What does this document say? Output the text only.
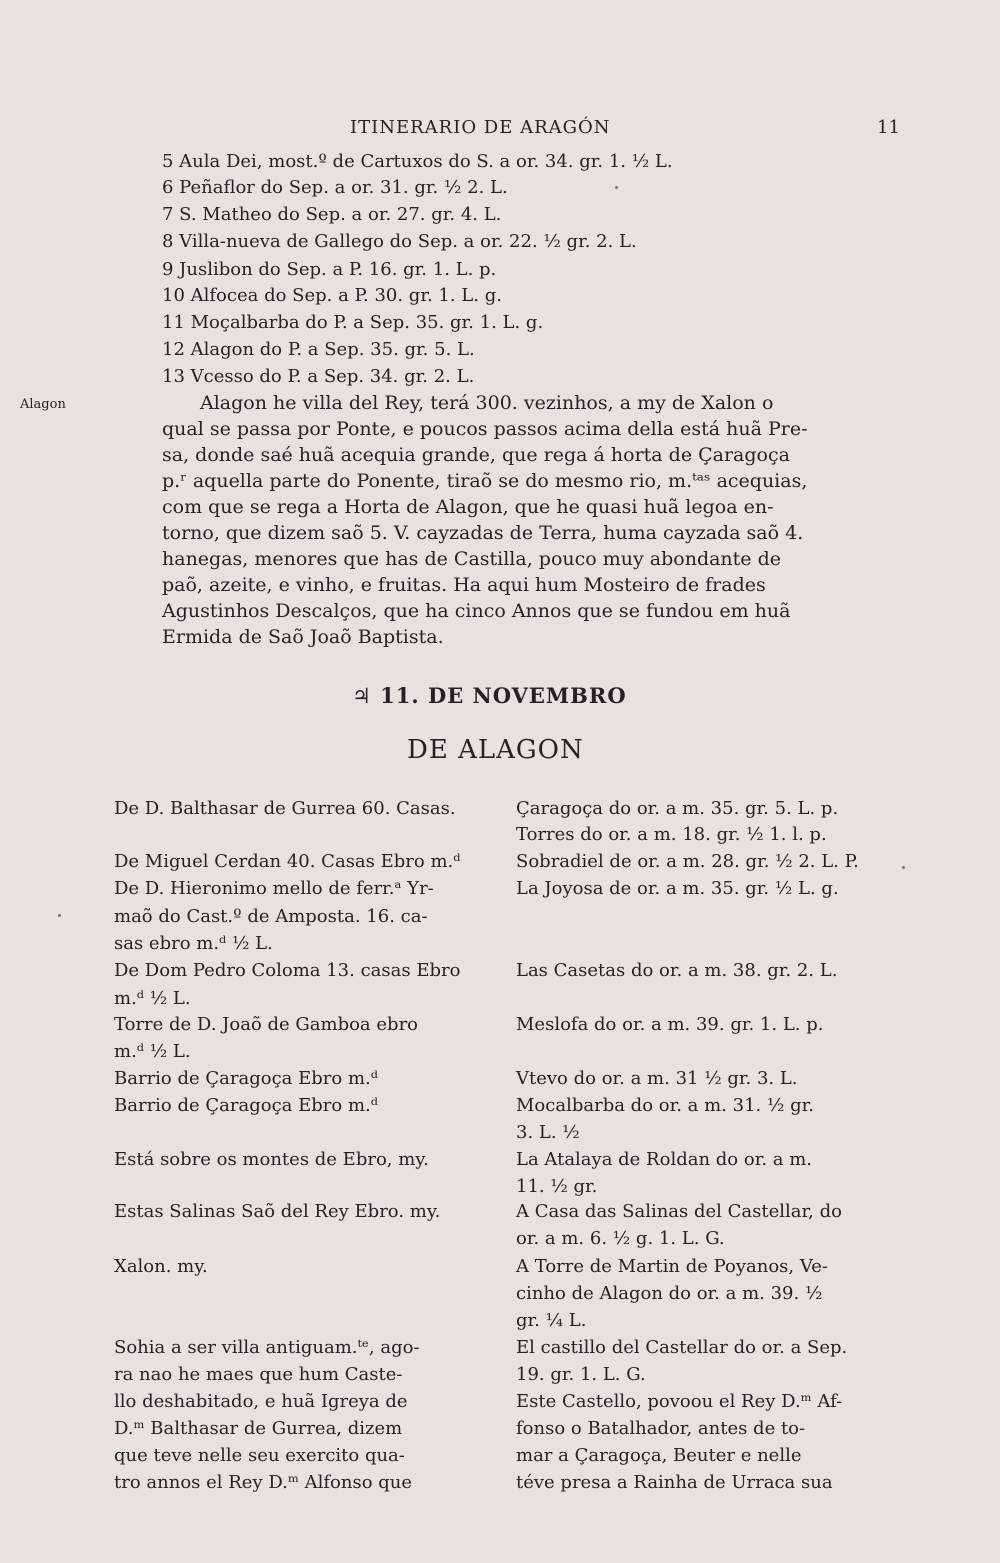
ITINERARIO DE ARAGÓN	11
Alagon
5 Aula Dei, most.º de Cartuxos do S. a or. 34. gr. 1. ½ L.
6 Peñaflor do Sep. a or. 31. gr. ½ 2. L.
7 S. Matheo do Sep. a or. 27. gr. 4. L.
8 Villa-nueva de Gallego do Sep. a or. 22. ½ gr. 2. L.
9 Juslibon do Sep. a P. 16. gr. 1. L. p.
10 Alfocea do Sep. a P. 30. gr. 1. L. g.
11 Moçalbarba do P. a Sep. 35. gr. 1. L. g.
12 Alagon do P. a Sep. 35. gr. 5. L.
13 Vcesso do P. a Sep. 34. gr. 2. L.
Alagon he villa del Rey, terá 300. vezinhos, a my de Xalon o
qual se passa por Ponte, e poucos passos acima della está huã Pre-
sa, donde saé huã acequia grande, que rega á horta de Çaragoça
p.ʳ aquella parte do Ponente, tiraõ se do mesmo rio, m.ᵗᵃˢ acequias,
com que se rega a Horta de Alagon, que he quasi huã legoa en-
torno, que dizem saõ 5. V. cayzadas de Terra, huma cayzada saõ 4.
hanegas, menores que has de Castilla, pouco muy abondante de
paõ, azeite, e vinho, e fruitas. Ha aqui hum Mosteiro de frades
Agustinhos Descalços, que ha cinco Annos que se fundou em huã
Ermida de Saõ Joaõ Baptista.
♃ 11. DE NOVEMBRO
DE ALAGON
De D. Balthasar de Gurrea 60. Casas.
De Miguel Cerdan 40. Casas Ebro m.ᵈ
De D. Hieronimo mello de ferr.ᵃ Yr-
maõ do Cast.º de Amposta. 16. ca-
sas ebro m.ᵈ ½ L.
De Dom Pedro Coloma 13. casas Ebro
m.ᵈ ½ L.
Torre de D. Joaõ de Gamboa ebro
m.ᵈ ½ L.
Barrio de Çaragoça Ebro m.ᵈ
Barrio de Çaragoça Ebro m.ᵈ
Está sobre os montes de Ebro, my.
Estas Salinas Saõ del Rey Ebro. my.
Xalon. my.
Sohia a ser villa antiguam.ᵗᵉ, ago-
ra nao he maes que hum Caste-
llo deshabitado, e huã Igreya de
D.ᵐ Balthasar de Gurrea, dizem
que teve nelle seu exercito qua-
tro annos el Rey D.ᵐ Alfonso que
Çaragoça do or. a m. 35. gr. 5. L. p.
Torres do or. a m. 18. gr. ½ 1. l. p.
Sobradiel de or. a m. 28. gr. ½ 2. L. P.
La Joyosa de or. a m. 35. gr. ½ L. g.
Las Casetas do or. a m. 38. gr. 2. L.
Meslofa do or. a m. 39. gr. 1. L. p.
Vtevo do or. a m. 31 ½ gr. 3. L.
Mocalbarba do or. a m. 31. ½ gr.
3. L. ½
La Atalaya de Roldan do or. a m.
11. ½ gr.
A Casa das Salinas del Castellar, do
or. a m. 6. ½ g. 1. L. G.
A Torre de Martin de Poyanos, Ve-
cinho de Alagon do or. a m. 39. ½
gr. ¼ L.
El castillo del Castellar do or. a Sep.
19. gr. 1. L. G.
Este Castello, povoou el Rey D.ᵐ Af-
fonso o Batalhador, antes de to-
mar a Çaragoça, Beuter e nelle
téve presa a Rainha de Urraca sua
